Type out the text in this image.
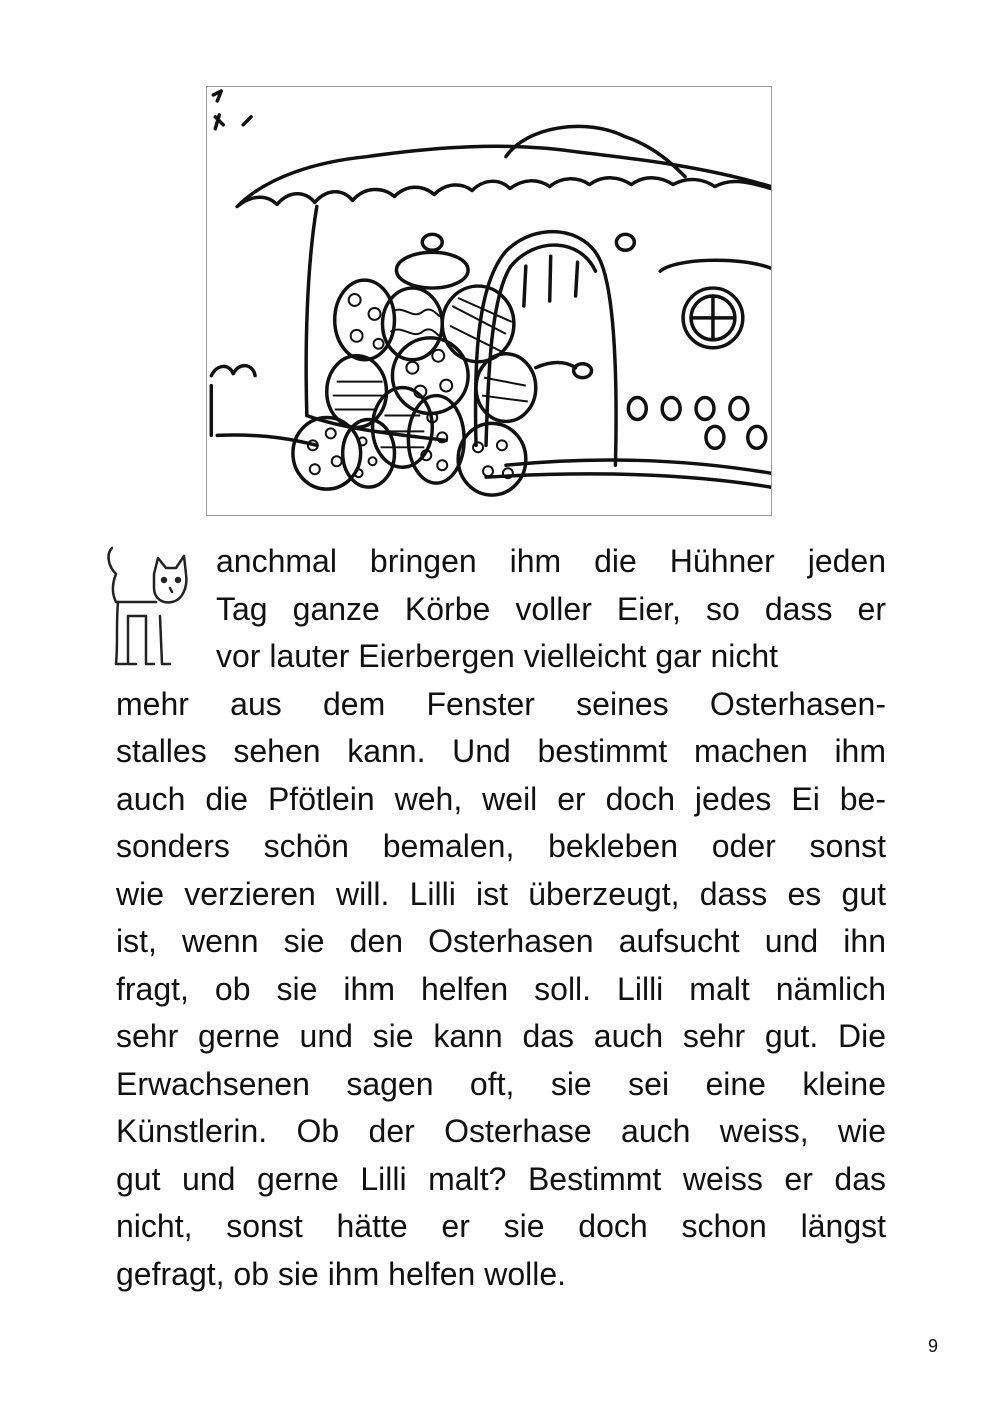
anchmal bringen ihm die Hühner jeden
Tag ganze Körbe voller Eier, so dass er
vor lauter Eierbergen vielleicht gar nicht
mehr aus dem Fenster seines Osterhasen-
stalles sehen kann. Und bestimmt machen ihm
auch die Pfötlein weh, weil er doch jedes Ei be-
sonders schön bemalen, bekleben oder sonst
wie verzieren will. Lilli ist überzeugt, dass es gut
ist, wenn sie den Osterhasen aufsucht und ihn
fragt, ob sie ihm helfen soll. Lilli malt nämlich
sehr gerne und sie kann das auch sehr gut. Die
Erwachsenen sagen oft, sie sei eine kleine
Künstlerin. Ob der Osterhase auch weiss, wie
gut und gerne Lilli malt? Bestimmt weiss er das
nicht, sonst hätte er sie doch schon längst
gefragt, ob sie ihm helfen wolle.
9
